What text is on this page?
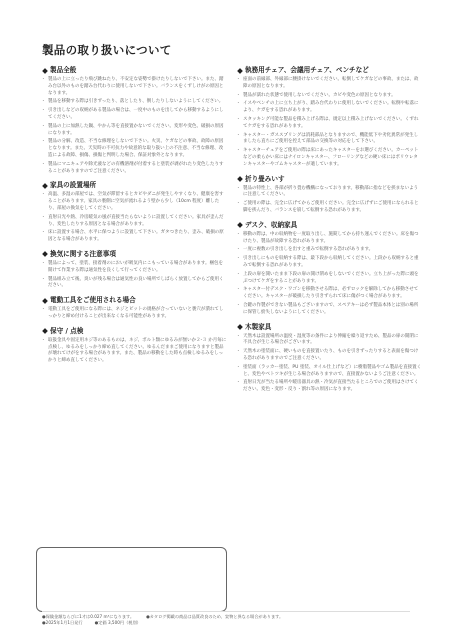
製品の取り扱いについて
製品全般
・ 製品の上に立ったり飛び跳ねたり、不安定な姿勢で掛けたりしないで下さい。また、踏み台以外のものを踏み台代わりに使用しないで下さい。バランスをくずしけがの原因となります。
・ 製品を移動する際は引きずったり、落としたり、倒したりしないようにしてください。
・ 引き出しなどの収納がある製品の場合は、一度中のものを出してから移動するようにしてください。
・ 製品の上に加熱した鍋、やかん等を直接置かないでください。変形や変色、破損の原因になります。
・ 製品の分解、改造、不当な修理をしないで下さい。火災、ケガなどの事故、故障の原因となります。また、天災時の不可抗力や故意的な取り扱い上の不注意、不当な修理、改造による故障、損傷、損傷と判明した場合、保証対象外となります。
・ 製品にマニキュアや除光液などの有機溶剤が付着すると塗装が剥がれたり変色したりすることがありますのでご注意ください。
家具の設置場所
・ 高温、多湿の部屋では、空気が滞留するとカビやダニが発生しやすくなり、健康を害することがあります。家具の裏側に空気が流れるよう壁から少し（10cm 程度）離したり、部屋の換気をしてください。
・ 直射日光や熱、冷房暖気の風が直接当たらないように設置してください。家具が歪んだり、変色したりする原因となる場合があります。
・ 床に設置する場合、水平に保つように設置して下さい。ガタつきたり、歪み、破損の原因となる場合があります。
換気に関する注意事項
・ 製品によって、塗装、接着剤のにおいが吸気内にこもっている場合があります。梱包を開けて作業する際は通気性を良くして行ってください。
・ 製品組み立て後、臭いが残る場合は通気性の良い場所でしばらく放置してからご使用ください。
電動工具をご使用される場合
・ 電動工具をご使用になる際には、ネジとビットの規格が合っていないと裏穴が潰れてしっかりと締め付けることが出来なくなる可能性があります。
保守 / 点検
・ 取扱金具や固定用ネジ等のあるものは、ネジ、ボルト類にゆるみが無いか２-３ か月毎に点検し、ゆるみをしっかり締め直してください。ゆるんだままご使用になりますと製品が壊れてけがをする場合があります。また、製品の移動をした時も点検しゆるみをしっかりと締め直してください。
執務用チェア、会議用チェア、ベンチなど
・ 座面の前縁部、外縁部に腰掛けないでください。転倒してケガなどの事故、または、故障の原因となります。
・ 製品が濡れた状態で使用しないでください。カビや変色の原因となります。
・ イスやベンチの上に立ち上がり、踏み台代わりに使用しないでください。転倒や転落により、ケガをする恐れがあります。
・ スタッキング可能な製品を積み上げる際は、規定以上積み上げないでください。くずれてケガをする恐れがあります。
・ キャスター・ガススプリングは消耗部品となりますので、機能低下や劣化異常が発生しましたら直ちにご使用を控えて部品の交換等の対応をして下さい。
・ キャスターチェアをご使用の際は床にあったキャスターをお選びください。カーペットなどの柔らかい床にはナイロンキャスター、フローリングなどの硬い床にはポリウレタンキャスターやゴムキャスターが適しています。
折り畳みいす
・ 製品の特性上、各部が折り畳む機構になっております。移動部に指などを挟まないように注意してください。
・ ご使用の際は、完全に広げてからご使用ください。完全に広げずにご使用になられると脚を挟んだり、バランスを崩して転倒する恐れがあります。
デスク、収納家具
・ 移動の際は、中の収納物を一度取り出し、施錠してから持ち運んでください。床を傷つけたり、製品が故障する恐れがあります。
・ 一度に複数の引き出しを出すと重みで転倒する恐れがあります。
・ 引き出しにものを収納する際は、最下段から収納してください。上段から収納すると重みで転倒する恐れがあります。
・ 上段の扉を開いたまま下段の扉の開け閉めをしないでください。立ち上がった際に頭をぶつけてケガをすることがあります。
・ キャスター付デスク・ワゴンを移動させる際は、必ずロックを解除してから移動させてください。キャスターが破損したり引きずられて床に傷がつく場合があります。
・ 合鍵の作製ができない製品もございますので、スペアキーは必ず製品本体とは別の場所に保管し紛失しないようにしてください。
木製家具
・ 天然木は設置場所の温度・湿度等の条件により伸縮を繰り返すため、製品の扉の開閉に不具合が生じる場合がございます。
・ 天然木の塗装面に、硬いものを直接置いたり、ものを引きずったりすると表面を傷つける恐れがありますのでご注意ください。
・ 塗装面（ラッカー塗装、PU 塗装、オイル仕上げなど）に樹脂製品やゴム製品を直接置くと、変色やベトツキが生じる場合がありますので、直接置かないようご注意ください。
・ 直射日光が当たる場所や暖房器具の熱・冷気が直接当たるところでのご使用はさけてください。変色・変形・反り・割れ等の原因になります。
●保険金額ならびに1才は0.027 m³になります。	●カタログ掲載の商品は品質改良のため、実物と異なる場合があります。
●2025年1月1日発行	●定価 3,500円（税別）
